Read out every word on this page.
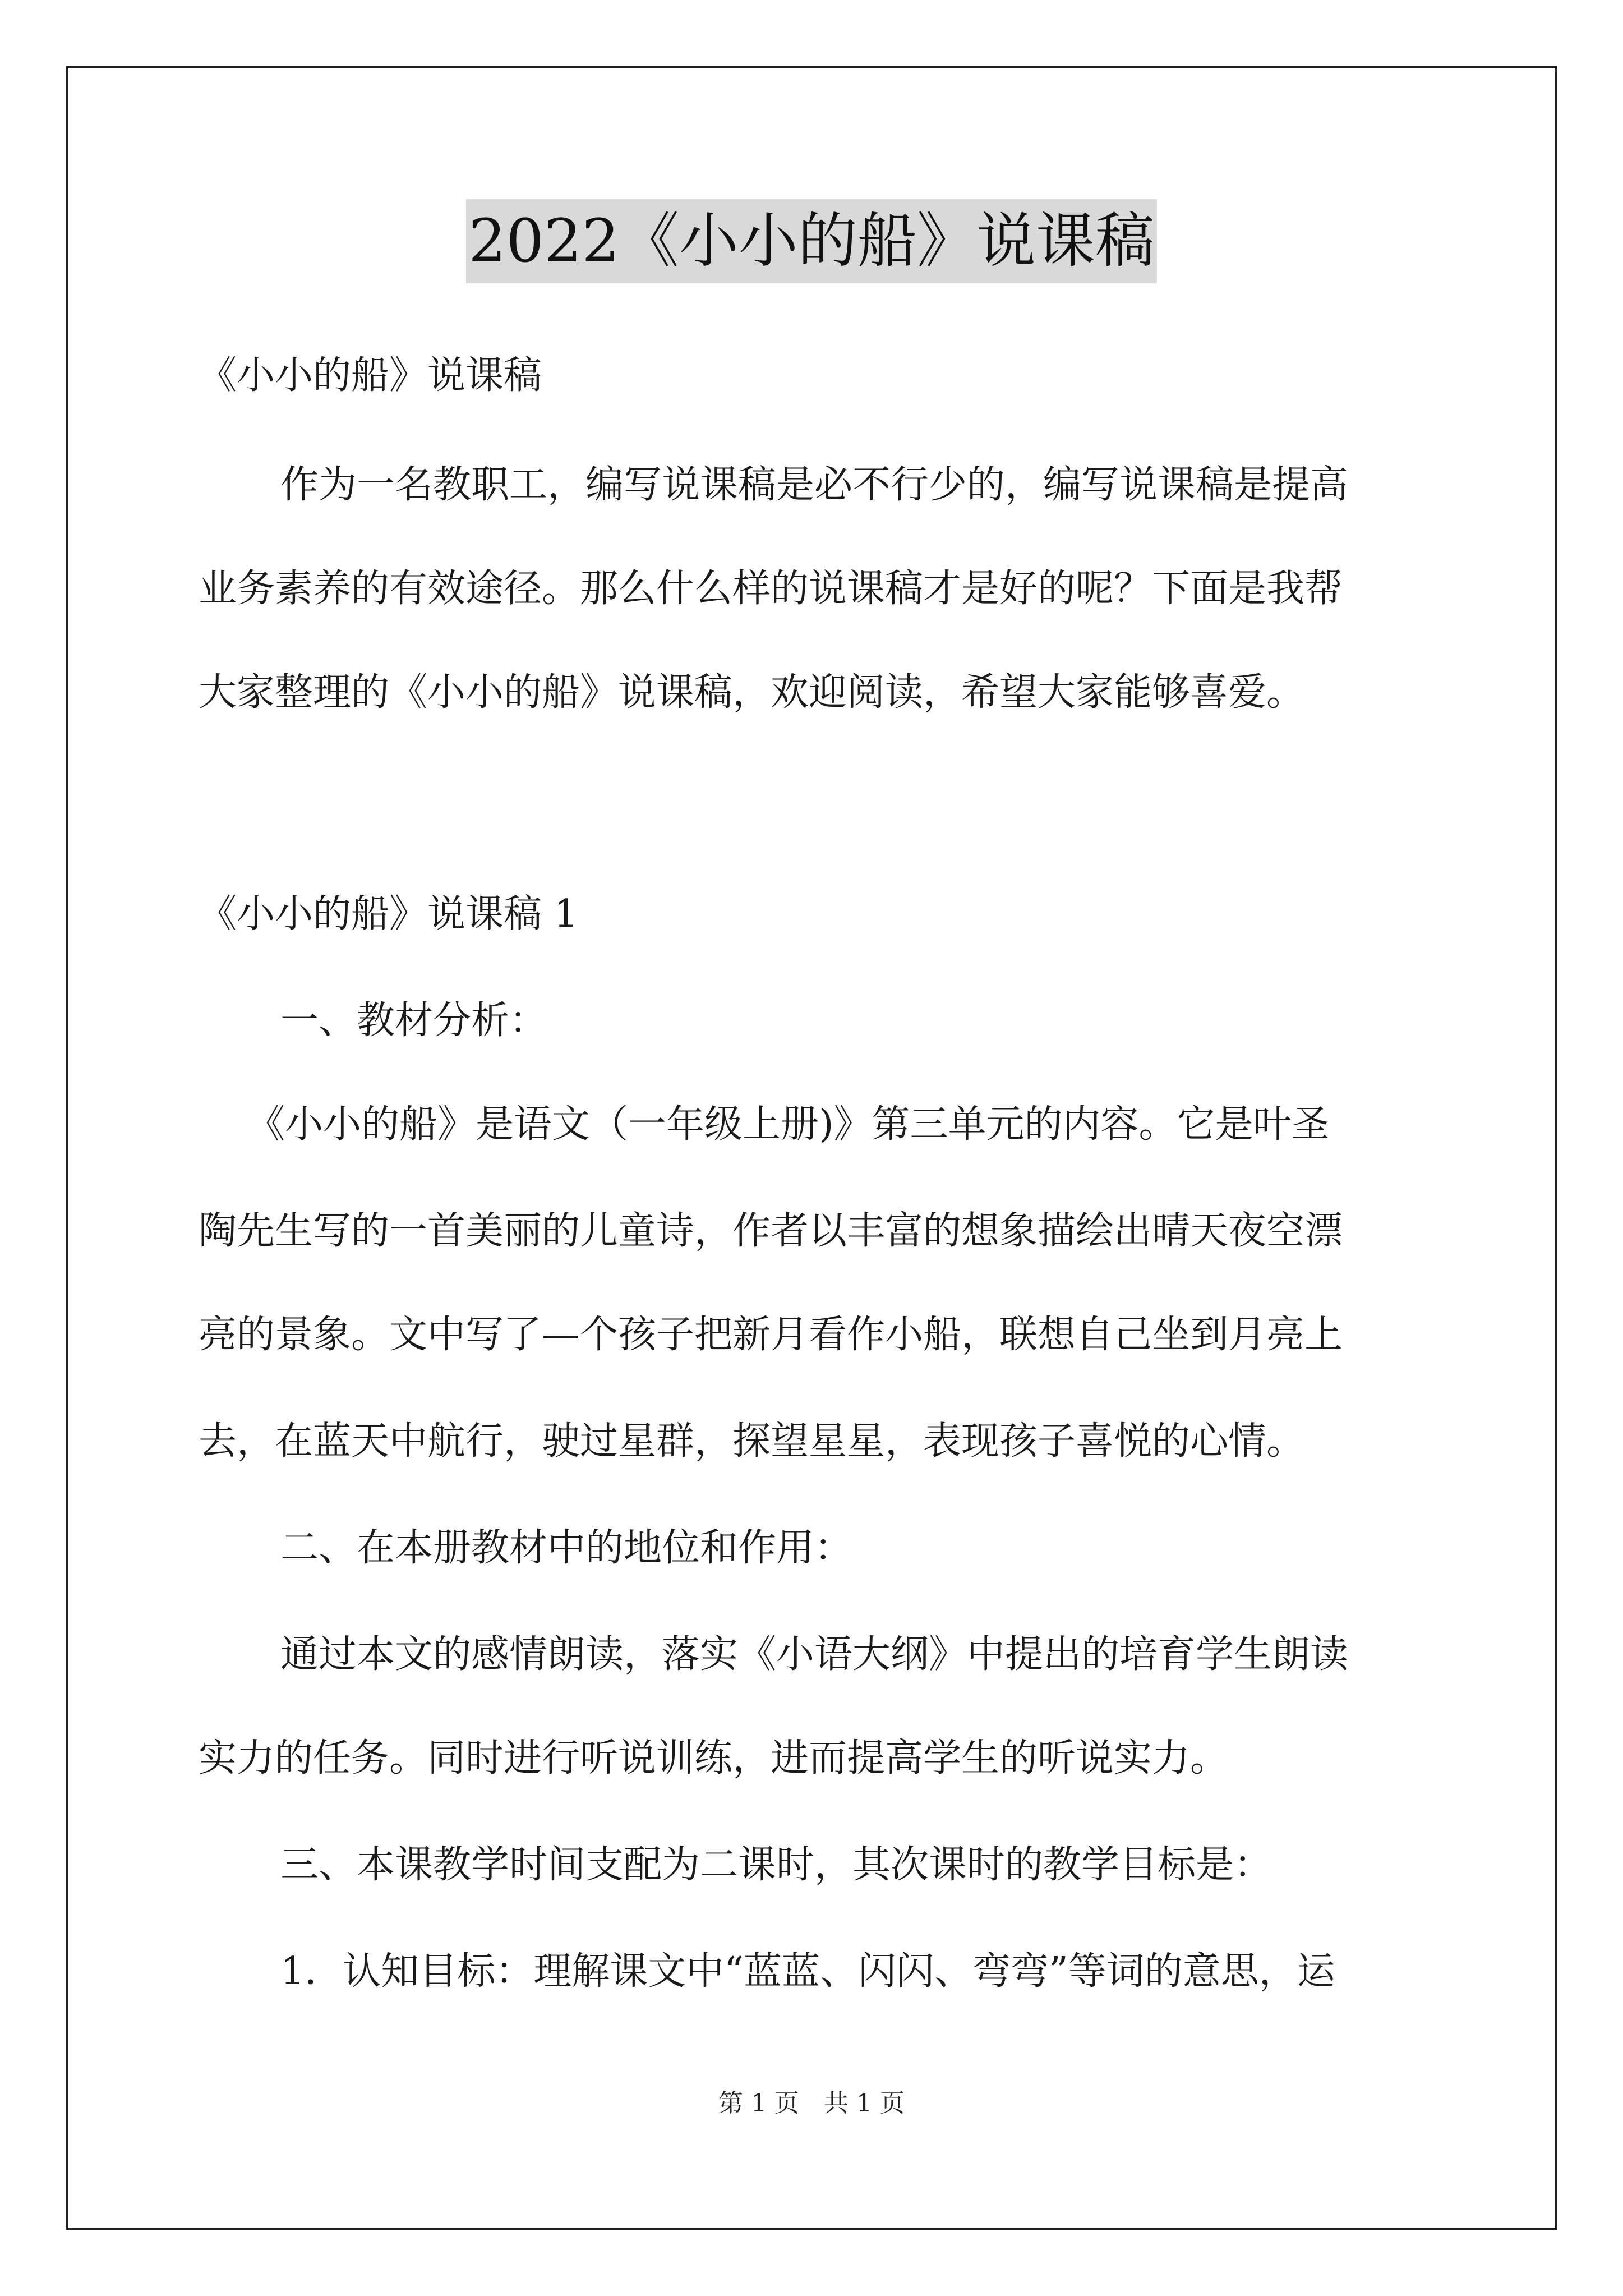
2022《小小的船》说课稿

《小小的船》说课稿

作为一名教职工，编写说课稿是必不行少的，编写说课稿是提高

业务素养的有效途径。那么什么样的说课稿才是好的呢？下面是我帮

大家整理的《小小的船》说课稿，欢迎阅读，希望大家能够喜爱。

《小小的船》说课稿 1

一、教材分析：

《小小的船》是语文（一年级上册)》第三单元的内容。它是叶圣

陶先生写的一首美丽的儿童诗，作者以丰富的想象描绘出晴天夜空漂

亮的景象。文中写了—个孩子把新月看作小船，联想自己坐到月亮上

去，在蓝天中航行，驶过星群，探望星星，表现孩子喜悦的心情。

二、在本册教材中的地位和作用：

通过本文的感情朗读，落实《小语大纲》中提出的培育学生朗读

实力的任务。同时进行听说训练，进而提高学生的听说实力。

三、本课教学时间支配为二课时，其次课时的教学目标是：

1．认知目标：理解课文中“蓝蓝、闪闪、弯弯”等词的意思，运

第 1 页　共 1 页
